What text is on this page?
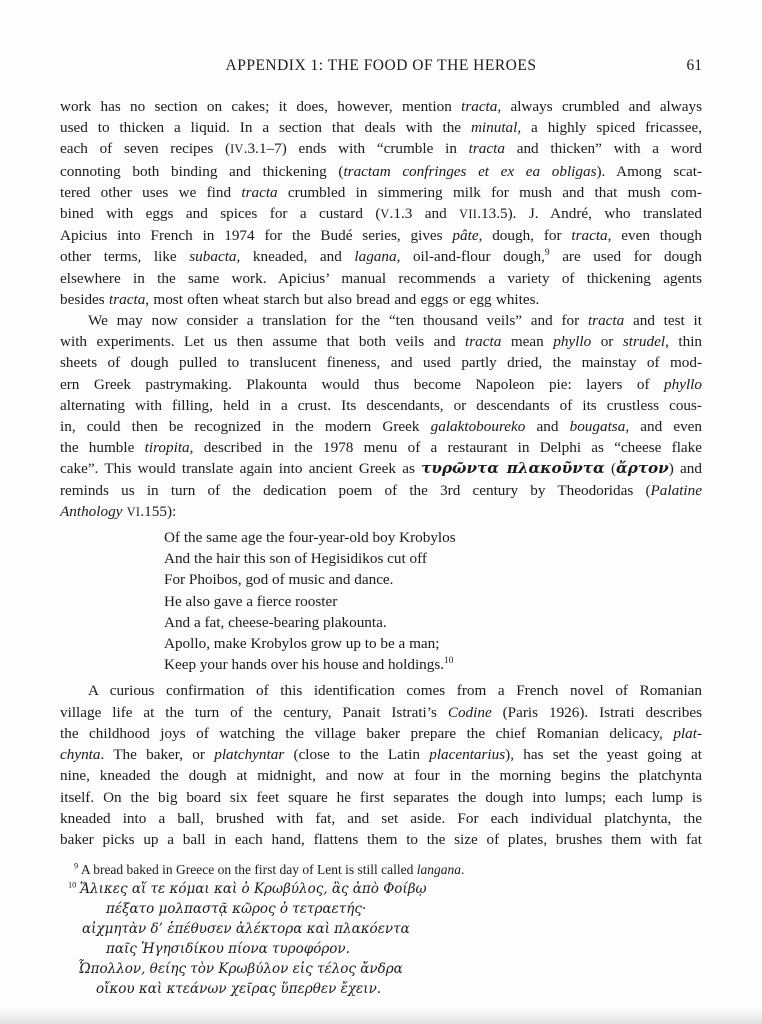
APPENDIX 1: THE FOOD OF THE HEROES	61
work has no section on cakes; it does, however, mention tracta, always crumbled and always
used to thicken a liquid. In a section that deals with the minutal, a highly spiced fricassee,
each of seven recipes (IV.3.1–7) ends with “crumble in tracta and thicken” with a word
connoting both binding and thickening (tractam confringes et ex ea obligas). Among scat-
tered other uses we find tracta crumbled in simmering milk for mush and that mush com-
bined with eggs and spices for a custard (V.1.3 and VII.13.5). J. André, who translated
Apicius into French in 1974 for the Budé series, gives pâte, dough, for tracta, even though
other terms, like subacta, kneaded, and lagana, oil-and-flour dough,$^9$ are used for dough
elsewhere in the same work. Apicius’ manual recommends a variety of thickening agents
besides tracta, most often wheat starch but also bread and eggs or egg whites.
We may now consider a translation for the “ten thousand veils” and for tracta and test it
with experiments. Let us then assume that both veils and tracta mean phyllo or strudel, thin
sheets of dough pulled to translucent fineness, and used partly dried, the mainstay of mod-
ern Greek pastrymaking. Plakounta would thus become Napoleon pie: layers of phyllo
alternating with filling, held in a crust. Its descendants, or descendants of its crustless cous-
in, could then be recognized in the modern Greek galaktoboureko and bougatsa, and even
the humble tiropita, described in the 1978 menu of a restaurant in Delphi as “cheese flake
cake”. This would translate again into ancient Greek as τυρῶντα πλακοῦντα (ἄρτον) and
reminds us in turn of the dedication poem of the 3rd century by Theodoridas (Palatine
Anthology VI.155):
Of the same age the four-year-old boy Krobylos
And the hair this son of Hegisidikos cut off
For Phoibos, god of music and dance.
He also gave a fierce rooster
And a fat, cheese-bearing plakounta.
Apollo, make Krobylos grow up to be a man;
Keep your hands over his house and holdings.$^{10}$
A curious confirmation of this identification comes from a French novel of Romanian
village life at the turn of the century, Panait Istrati’s Codine (Paris 1926). Istrati describes
the childhood joys of watching the village baker prepare the chief Romanian delicacy, plat-
chynta. The baker, or platchyntar (close to the Latin placentarius), has set the yeast going at
nine, kneaded the dough at midnight, and now at four in the morning begins the platchynta
itself. On the big board six feet square he first separates the dough into lumps; each lump is
kneaded into a ball, brushed with fat, and set aside. For each individual platchynta, the
baker picks up a ball in each hand, flattens them to the size of plates, brushes them with fat
$^9$ A bread baked in Greece on the first day of Lent is still called langana.
$^{10}$ Ἅλικες αἵ τε κόμαι καὶ ὁ Κρωβύλος, ἃς ἀπὸ Φοίβῳ
πέξατο μολπαστᾷ κῶρος ὁ τετραετής·
αἰχμητὰν δ’ ἐπέθυσεν ἀλέκτορα καὶ πλακόεντα
παῖς Ἡγησιδίκου πίονα τυροφόρον.
Ὦπολλον, θείης τὸν Κρωβύλον εἰς τέλος ἄνδρα
οἴκου καὶ κτεάνων χεῖρας ὕπερθεν ἔχειν.
